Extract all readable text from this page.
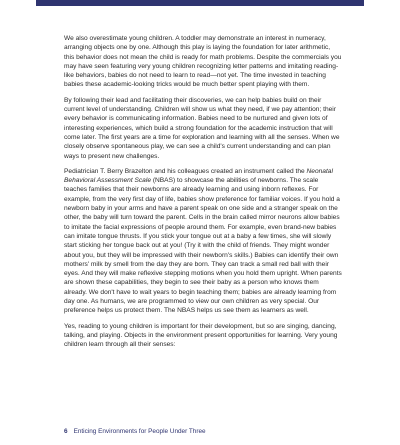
We also overestimate young children. A toddler may demonstrate an interest in numeracy, arranging objects one by one. Although this play is laying the foundation for later arithmetic, this behavior does not mean the child is ready for math problems. Despite the commercials you may have seen featuring very young children recognizing letter patterns and imitating reading-like behaviors, babies do not need to learn to read—not yet. The time invested in teaching babies these academic-looking tricks would be much better spent playing with them.

By following their lead and facilitating their discoveries, we can help babies build on their current level of understanding. Children will show us what they need, if we pay attention; their every behavior is communicating information. Babies need to be nurtured and given lots of interesting experiences, which build a strong foundation for the academic instruction that will come later. The first years are a time for exploration and learning with all the senses. When we closely observe spontaneous play, we can see a child's current understanding and can plan ways to present new challenges.

Pediatrician T. Berry Brazelton and his colleagues created an instrument called the Neonatal Behavioral Assessment Scale (NBAS) to showcase the abilities of newborns. The scale teaches families that their newborns are already learning and using inborn reflexes. For example, from the very first day of life, babies show preference for familiar voices. If you hold a newborn baby in your arms and have a parent speak on one side and a stranger speak on the other, the baby will turn toward the parent. Cells in the brain called mirror neurons allow babies to imitate the facial expressions of people around them. For example, even brand-new babies can imitate tongue thrusts. If you stick your tongue out at a baby a few times, she will slowly start sticking her tongue back out at you! (Try it with the child of friends. They might wonder about you, but they will be impressed with their newborn's skills.) Babies can identify their own mothers' milk by smell from the day they are born. They can track a small red ball with their eyes. And they will make reflexive stepping motions when you hold them upright. When parents are shown these capabilities, they begin to see their baby as a person who knows them already. We don't have to wait years to begin teaching them; babies are already learning from day one. As humans, we are programmed to view our own children as very special. Our preference helps us protect them. The NBAS helps us see them as learners as well.

Yes, reading to young children is important for their development, but so are singing, dancing, talking, and playing. Objects in the environment present opportunities for learning. Very young children learn through all their senses:

6 Enticing Environments for People Under Three
